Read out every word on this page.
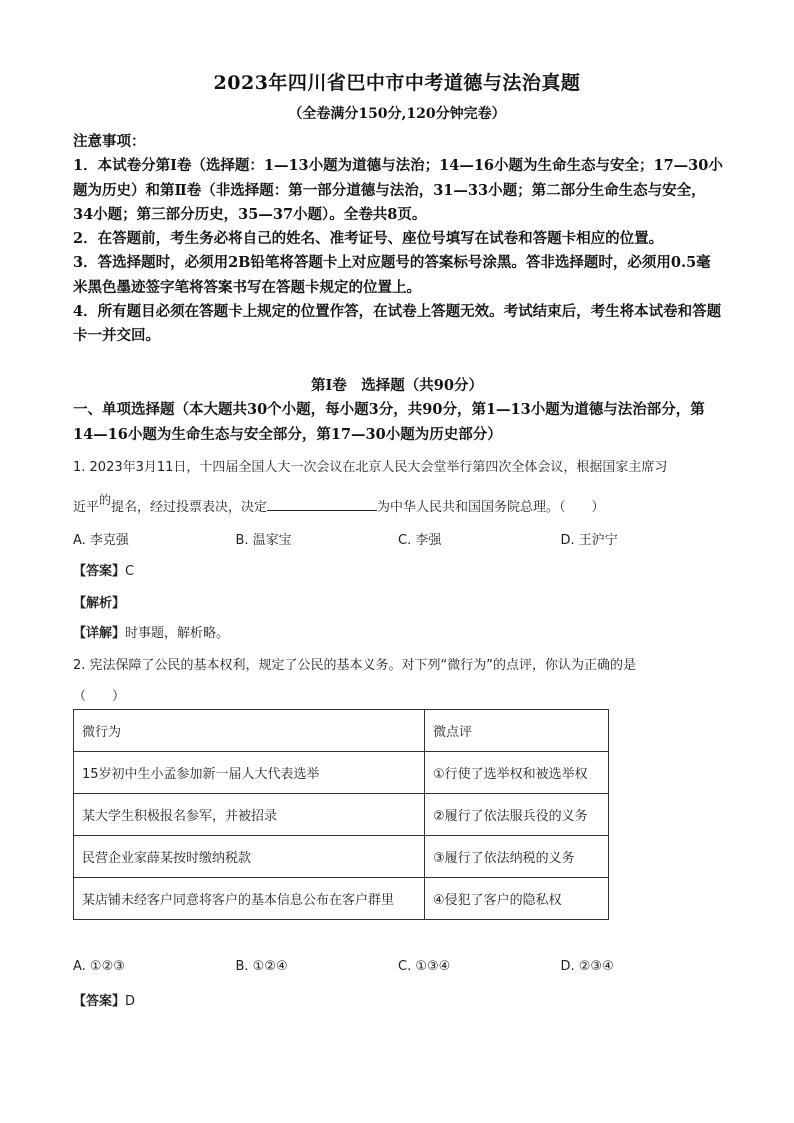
2023年四川省巴中市中考道德与法治真题
（全卷满分150分,120分钟完卷）

注意事项：

1．本试卷分第Ⅰ卷（选择题：1—13小题为道德与法治；14—16小题为生命生态与安全；17—30小题为历史）和第Ⅱ卷（非选择题：第一部分道德与法治，31—33小题；第二部分生命生态与安全，34小题；第三部分历史，35—37小题）。全卷共8页。

2．在答题前，考生务必将自己的姓名、准考证号、座位号填写在试卷和答题卡相应的位置。

3．答选择题时，必须用2B铅笔将答题卡上对应题号的答案标号涂黑。答非选择题时，必须用0.5毫米黑色墨迹签字笔将答案书写在答题卡规定的位置上。

4．所有题目必须在答题卡上规定的位置作答，在试卷上答题无效。考试结束后，考生将本试卷和答题卡一并交回。

第Ⅰ卷　选择题（共90分）

一、单项选择题（本大题共30个小题，每小题3分，共90分，第1—13小题为道德与法治部分，第14—16小题为生命生态与安全部分，第17—30小题为历史部分）

1. 2023年3月11日，十四届全国人大一次会议在北京人民大会堂举行第四次全体会议，根据国家主席习
近平的提名，经过投票表决，决定	为中华人民共和国国务院总理。（　　）
A. 李克强	B. 温家宝	C. 李强	D. 王沪宁
【答案】C
【解析】
【详解】时事题，解析略。
2. 宪法保障了公民的基本权利，规定了公民的基本义务。对下列“微行为”的点评，你认为正确的是
（　　）
微行为	微点评
15岁初中生小孟参加新一届人大代表选举	①行使了选举权和被选举权
某大学生积极报名参军，并被招录	②履行了依法服兵役的义务
民营企业家薛某按时缴纳税款	③履行了依法纳税的义务
某店铺未经客户同意将客户的基本信息公布在客户群里	④侵犯了客户的隐私权
A. ①②③	B. ①②④	C. ①③④	D. ②③④
【答案】D
